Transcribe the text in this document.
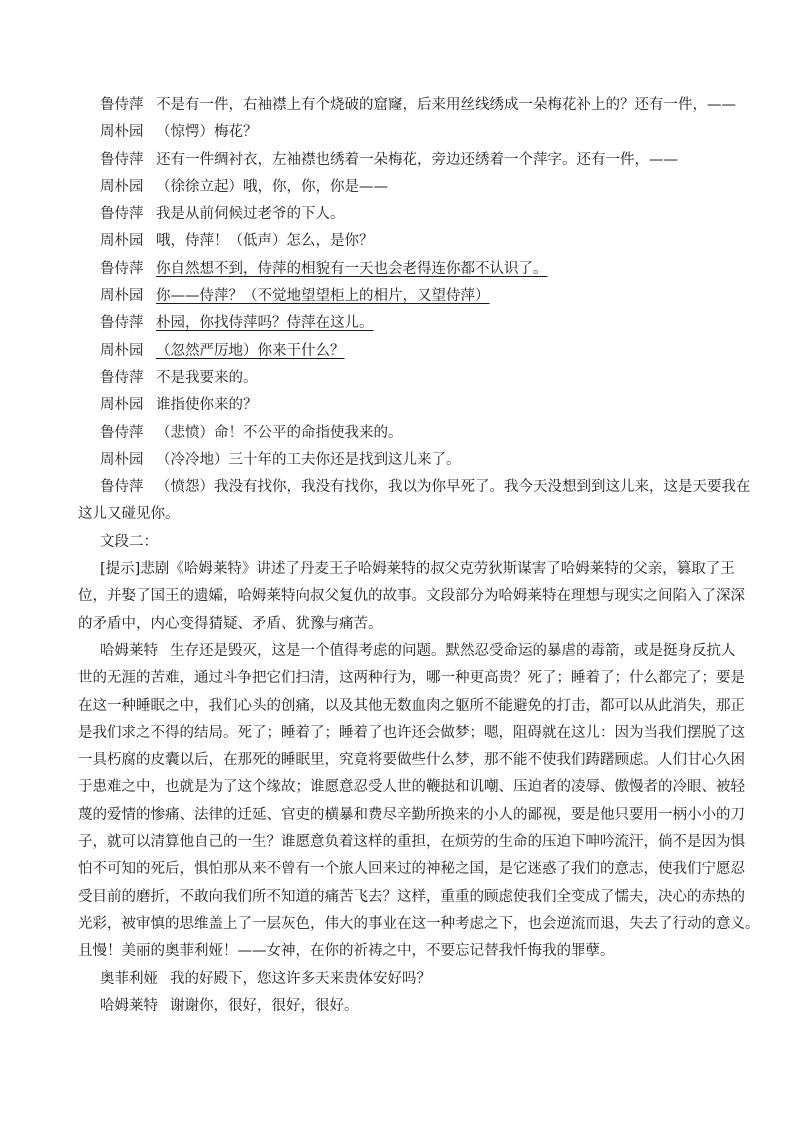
鲁侍萍 不是有一件，右袖襟上有个烧破的窟窿，后来用丝线绣成一朵梅花补上的？还有一件，——
周朴园 （惊愕）梅花？
鲁侍萍 还有一件绸衬衣，左袖襟也绣着一朵梅花，旁边还绣着一个萍字。还有一件，——
周朴园 （徐徐立起）哦，你，你，你是——
鲁侍萍 我是从前伺候过老爷的下人。
周朴园 哦，侍萍！（低声）怎么，是你？
鲁侍萍 你自然想不到，侍萍的相貌有一天也会老得连你都不认识了。
周朴园 你——侍萍？（不觉地望望柜上的相片，又望侍萍）
鲁侍萍 朴园，你找侍萍吗？侍萍在这儿。
周朴园 （忽然严厉地）你来干什么？
鲁侍萍 不是我要来的。
周朴园 谁指使你来的？
鲁侍萍 （悲愤）命！不公平的命指使我来的。
周朴园 （冷冷地）三十年的工夫你还是找到这儿来了。
鲁侍萍 （愤怨）我没有找你，我没有找你，我以为你早死了。我今天没想到到这儿来，这是天要我在
这儿又碰见你。
文段二：
[提示]悲剧《哈姆莱特》讲述了丹麦王子哈姆莱特的叔父克劳狄斯谋害了哈姆莱特的父亲，篡取了王
位，并娶了国王的遗孀，哈姆莱特向叔父复仇的故事。文段部分为哈姆莱特在理想与现实之间陷入了深深
的矛盾中，内心变得猜疑、矛盾、犹豫与痛苦。
哈姆莱特 生存还是毁灭，这是一个值得考虑的问题。默然忍受命运的暴虐的毒箭，或是挺身反抗人
世的无涯的苦难，通过斗争把它们扫清，这两种行为，哪一种更高贵？死了；睡着了；什么都完了；要是
在这一种睡眠之中，我们心头的创痛，以及其他无数血肉之躯所不能避免的打击，都可以从此消失，那正
是我们求之不得的结局。死了；睡着了；睡着了也许还会做梦；嗯，阻碍就在这儿：因为当我们摆脱了这
一具朽腐的皮囊以后，在那死的睡眠里，究竟将要做些什么梦，那不能不使我们踌躇顾虑。人们甘心久困
于患难之中，也就是为了这个缘故；谁愿意忍受人世的鞭挞和讥嘲、压迫者的凌辱、傲慢者的冷眼、被轻
蔑的爱情的惨痛、法律的迁延、官吏的横暴和费尽辛勤所换来的小人的鄙视，要是他只要用一柄小小的刀
子，就可以清算他自己的一生？谁愿意负着这样的重担，在烦劳的生命的压迫下呻吟流汗，倘不是因为惧
怕不可知的死后，惧怕那从来不曾有一个旅人回来过的神秘之国，是它迷惑了我们的意志，使我们宁愿忍
受目前的磨折，不敢向我们所不知道的痛苦飞去？这样，重重的顾虑使我们全变成了懦夫，决心的赤热的
光彩，被审慎的思维盖上了一层灰色，伟大的事业在这一种考虑之下，也会逆流而退，失去了行动的意义。
且慢！美丽的奥菲利娅！——女神，在你的祈祷之中，不要忘记替我忏悔我的罪孽。
奥菲利娅 我的好殿下，您这许多天来贵体安好吗？
哈姆莱特 谢谢你，很好，很好，很好。
